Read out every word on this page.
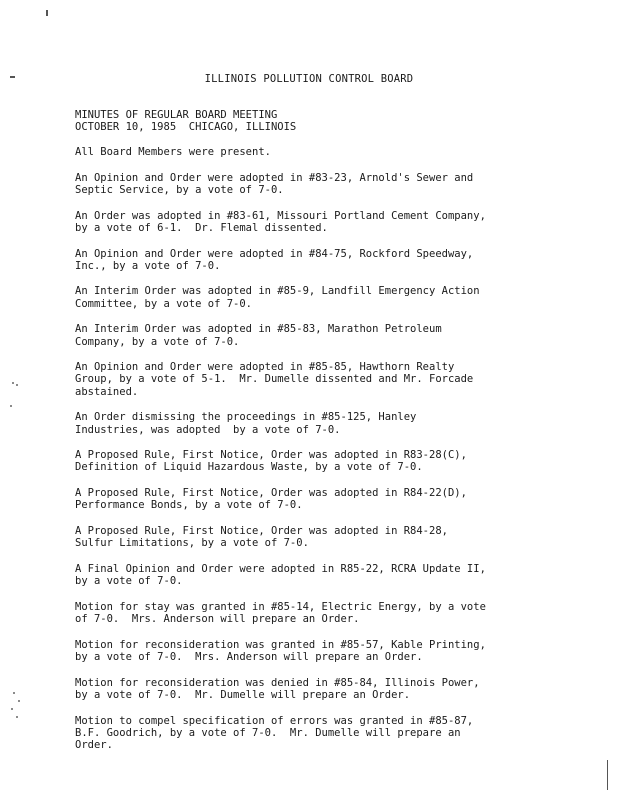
ILLINOIS POLLUTION CONTROL BOARD
MINUTES OF REGULAR BOARD MEETING
OCTOBER 10, 1985  CHICAGO, ILLINOIS
All Board Members were present.
An Opinion and Order were adopted in #83-23, Arnold's Sewer and
Septic Service, by a vote of 7-0.
An Order was adopted in #83-61, Missouri Portland Cement Company,
by a vote of 6-1.  Dr. Flemal dissented.
An Opinion and Order were adopted in #84-75, Rockford Speedway,
Inc., by a vote of 7-0.
An Interim Order was adopted in #85-9, Landfill Emergency Action
Committee, by a vote of 7-0.
An Interim Order was adopted in #85-83, Marathon Petroleum
Company, by a vote of 7-0.
An Opinion and Order were adopted in #85-85, Hawthorn Realty
Group, by a vote of 5-1.  Mr. Dumelle dissented and Mr. Forcade
abstained.
An Order dismissing the proceedings in #85-125, Hanley
Industries, was adopted  by a vote of 7-0.
A Proposed Rule, First Notice, Order was adopted in R83-28(C),
Definition of Liquid Hazardous Waste, by a vote of 7-0.
A Proposed Rule, First Notice, Order was adopted in R84-22(D),
Performance Bonds, by a vote of 7-0.
A Proposed Rule, First Notice, Order was adopted in R84-28,
Sulfur Limitations, by a vote of 7-0.
A Final Opinion and Order were adopted in R85-22, RCRA Update II,
by a vote of 7-0.
Motion for stay was granted in #85-14, Electric Energy, by a vote
of 7-0.  Mrs. Anderson will prepare an Order.
Motion for reconsideration was granted in #85-57, Kable Printing,
by a vote of 7-0.  Mrs. Anderson will prepare an Order.
Motion for reconsideration was denied in #85-84, Illinois Power,
by a vote of 7-0.  Mr. Dumelle will prepare an Order.
Motion to compel specification of errors was granted in #85-87,
B.F. Goodrich, by a vote of 7-0.  Mr. Dumelle will prepare an
Order.
